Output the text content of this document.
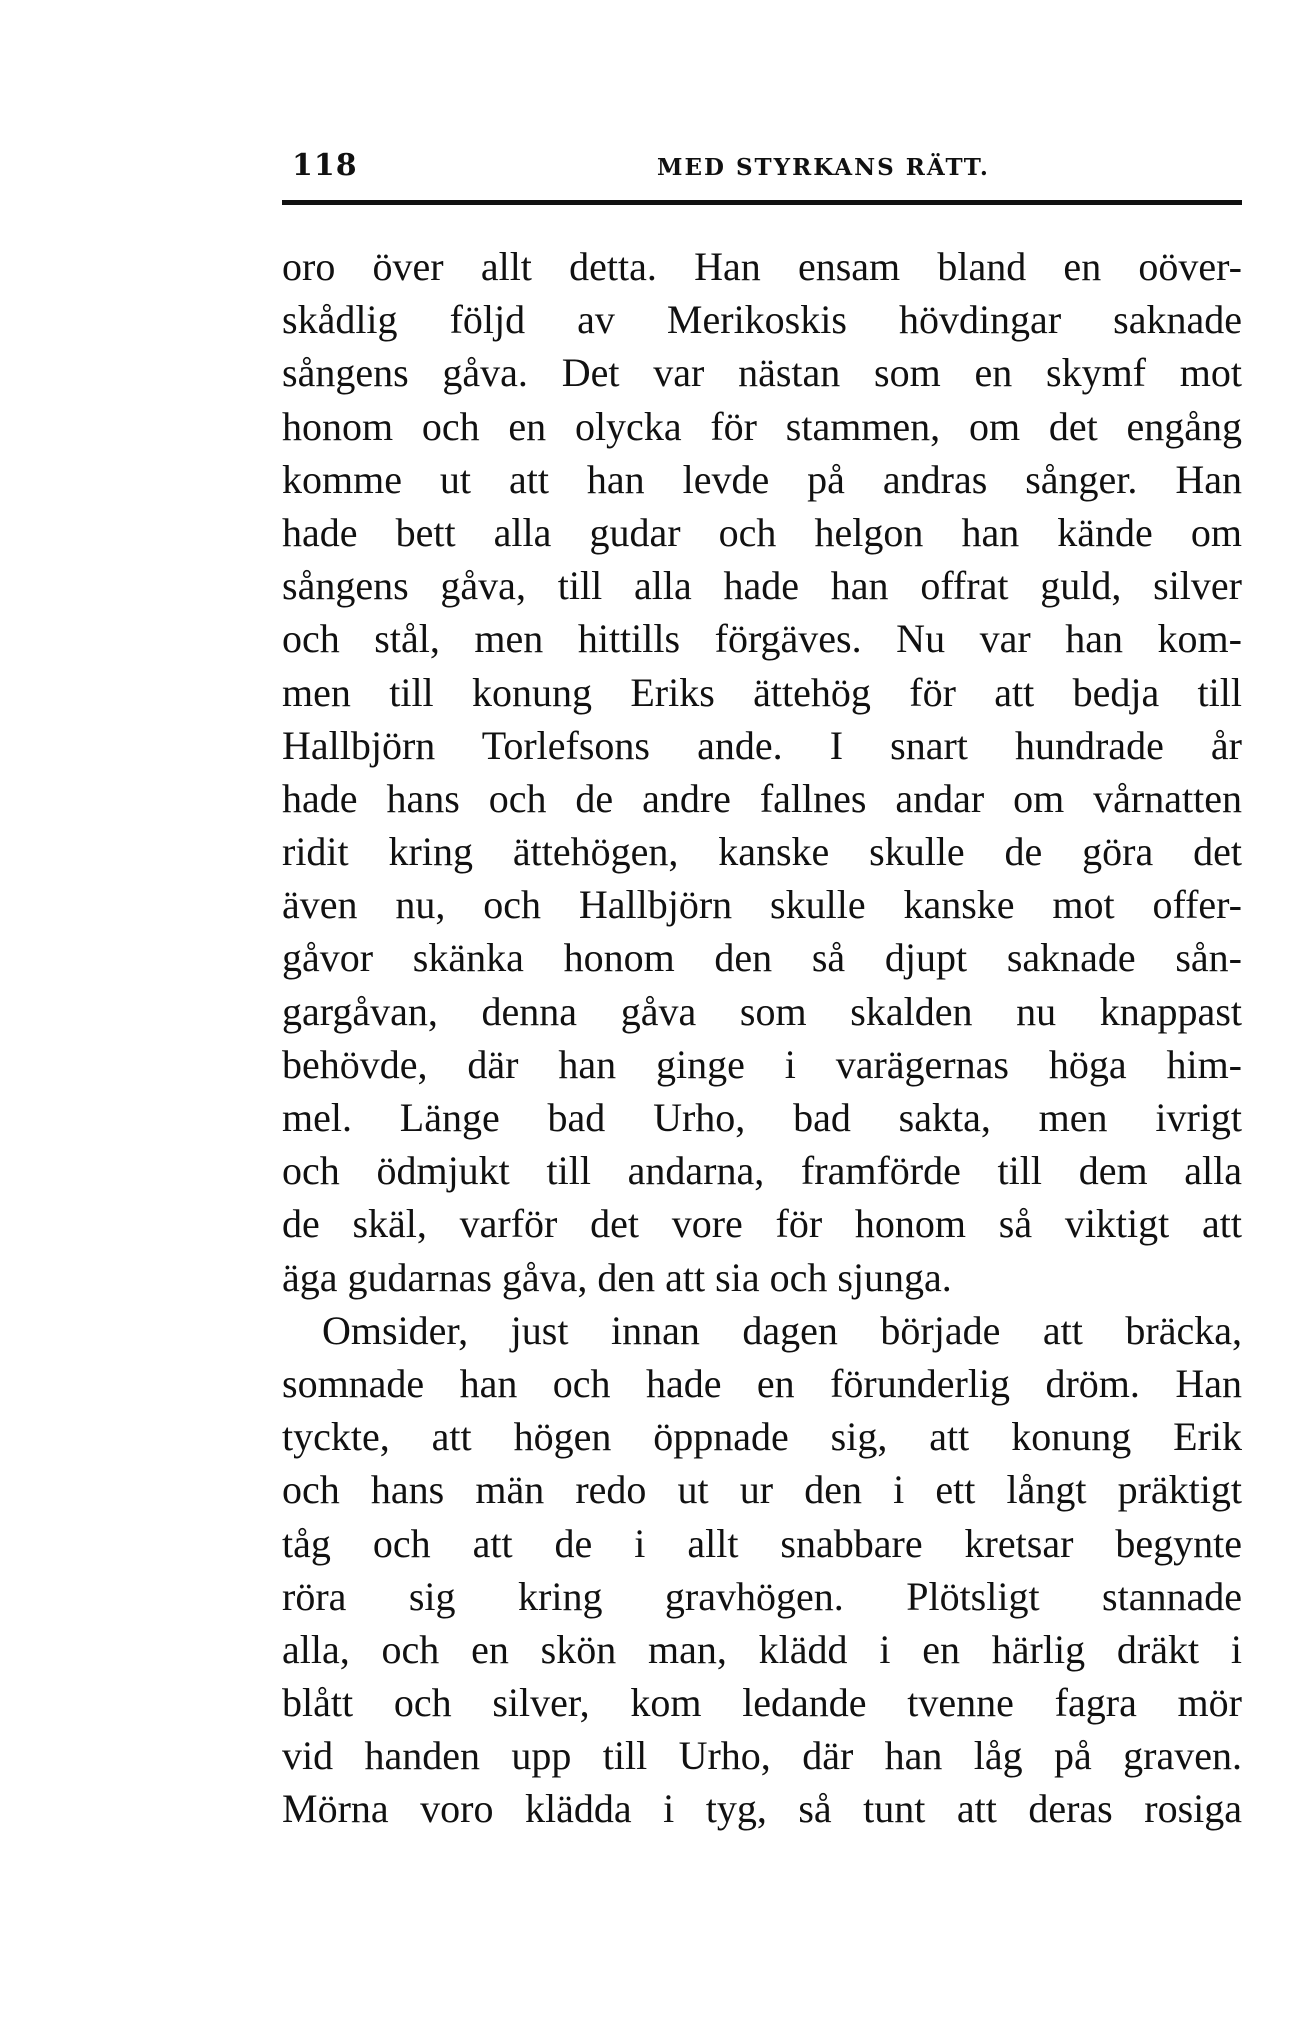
118	MED STYRKANS RÄTT.
oro över allt detta. Han ensam bland en oöver-
skådlig följd av Merikoskis hövdingar saknade
sångens gåva. Det var nästan som en skymf mot
honom och en olycka för stammen, om det engång
komme ut att han levde på andras sånger. Han
hade bett alla gudar och helgon han kände om
sångens gåva, till alla hade han offrat guld, silver
och stål, men hittills förgäves. Nu var han kom-
men till konung Eriks ättehög för att bedja till
Hallbjörn Torlefsons ande. I snart hundrade år
hade hans och de andre fallnes andar om vårnatten
ridit kring ättehögen, kanske skulle de göra det
även nu, och Hallbjörn skulle kanske mot offer-
gåvor skänka honom den så djupt saknade sån-
gargåvan, denna gåva som skalden nu knappast
behövde, där han ginge i varägernas höga him-
mel. Länge bad Urho, bad sakta, men ivrigt
och ödmjukt till andarna, framförde till dem alla
de skäl, varför det vore för honom så viktigt att
äga gudarnas gåva, den att sia och sjunga.
Omsider, just innan dagen började att bräcka,
somnade han och hade en förunderlig dröm. Han
tyckte, att högen öppnade sig, att konung Erik
och hans män redo ut ur den i ett långt präktigt
tåg och att de i allt snabbare kretsar begynte
röra sig kring gravhögen. Plötsligt stannade
alla, och en skön man, klädd i en härlig dräkt i
blått och silver, kom ledande tvenne fagra mör
vid handen upp till Urho, där han låg på graven.
Mörna voro klädda i tyg, så tunt att deras rosiga
